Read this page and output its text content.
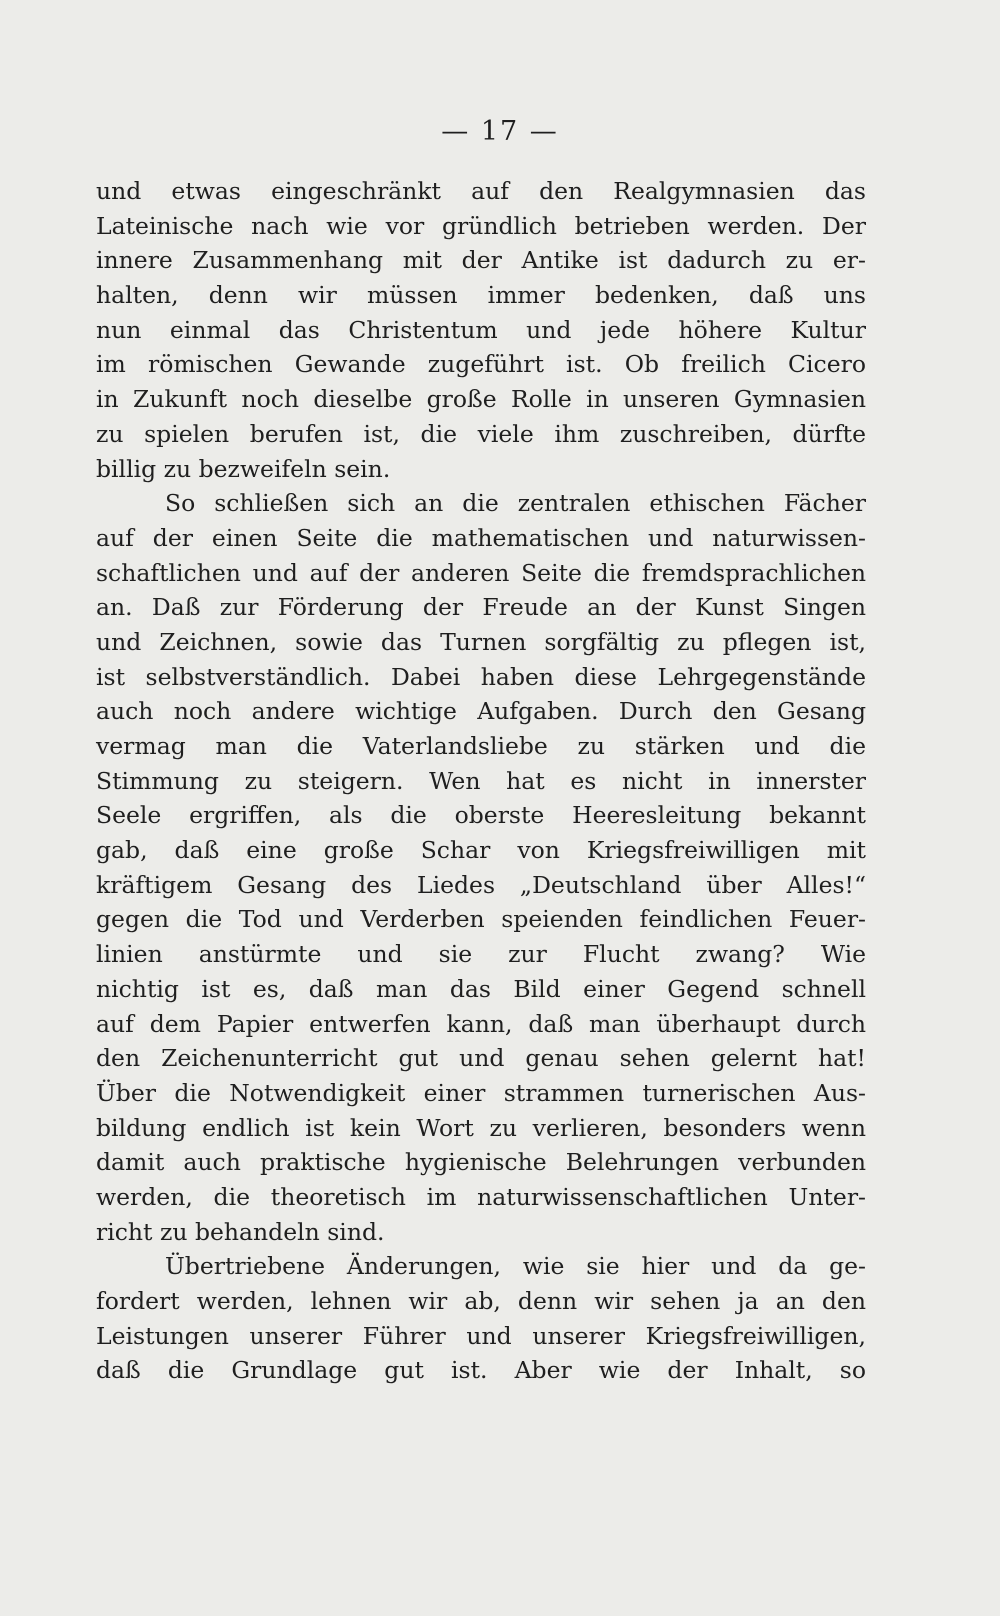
— 17 —
und etwas eingeschränkt auf den Realgymnasien das
Lateinische nach wie vor gründlich betrieben werden. Der
innere Zusammenhang mit der Antike ist dadurch zu er-
halten, denn wir müssen immer bedenken, daß uns
nun einmal das Christentum und jede höhere Kultur
im römischen Gewande zugeführt ist. Ob freilich Cicero
in Zukunft noch dieselbe große Rolle in unseren Gymnasien
zu spielen berufen ist, die viele ihm zuschreiben, dürfte
billig zu bezweifeln sein.
So schließen sich an die zentralen ethischen Fächer
auf der einen Seite die mathematischen und naturwissen-
schaftlichen und auf der anderen Seite die fremdsprachlichen
an. Daß zur Förderung der Freude an der Kunst Singen
und Zeichnen, sowie das Turnen sorgfältig zu pflegen ist,
ist selbstverständlich. Dabei haben diese Lehrgegenstände
auch noch andere wichtige Aufgaben. Durch den Gesang
vermag man die Vaterlandsliebe zu stärken und die
Stimmung zu steigern. Wen hat es nicht in innerster
Seele ergriffen, als die oberste Heeresleitung bekannt
gab, daß eine große Schar von Kriegsfreiwilligen mit
kräftigem Gesang des Liedes „Deutschland über Alles!“
gegen die Tod und Verderben speienden feindlichen Feuer-
linien anstürmte und sie zur Flucht zwang? Wie
nichtig ist es, daß man das Bild einer Gegend schnell
auf dem Papier entwerfen kann, daß man überhaupt durch
den Zeichenunterricht gut und genau sehen gelernt hat!
Über die Notwendigkeit einer strammen turnerischen Aus-
bildung endlich ist kein Wort zu verlieren, besonders wenn
damit auch praktische hygienische Belehrungen verbunden
werden, die theoretisch im naturwissenschaftlichen Unter-
richt zu behandeln sind.
Übertriebene Änderungen, wie sie hier und da ge-
fordert werden, lehnen wir ab, denn wir sehen ja an den
Leistungen unserer Führer und unserer Kriegsfreiwilligen,
daß die Grundlage gut ist. Aber wie der Inhalt, so
